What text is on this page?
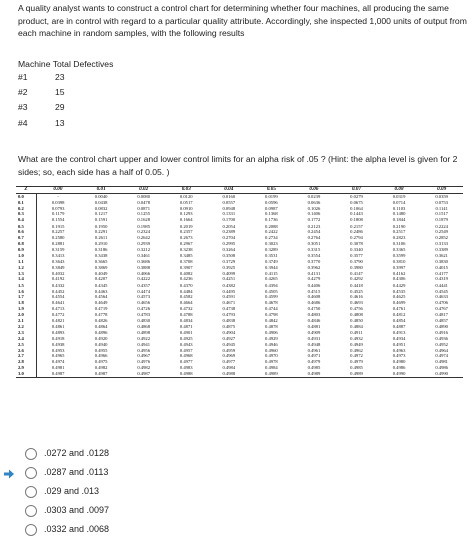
A quality analyst wants to construct a control chart for determining whether four machines, all producing the same product, are in control with regard to a particular quality attribute. Accordingly, she inspected 1,000 units of output from each machine in random samples, with the following results
Machine Total Defectives
#1	23
#2	15
#3	29
#4	13
What are the control chart upper and lower control limits for an alpha risk of .05 ? (Hint: the alpha level is given for 2 sides; so, each side has a half of 0.05. )
Z	0.00	0.01	0.02	0.03	0.04	0.05	0.06	0.07	0.08	0.09
0.0	-	0.0040	0.0080	0.0120	0.0160	0.0199	0.0239	0.0279	0.0319	0.0359
0.1	0.0398	0.0438	0.0478	0.0517	0.0557	0.0596	0.0636	0.0675	0.0714	0.0753
0.2	0.0793	0.0832	0.0871	0.0910	0.0948	0.0987	0.1026	0.1064	0.1103	0.1141
0.3	0.1179	0.1217	0.1255	0.1293	0.1331	0.1368	0.1406	0.1443	0.1480	0.1517
0.4	0.1554	0.1591	0.1628	0.1664	0.1700	0.1736	0.1772	0.1808	0.1844	0.1879
0.5	0.1915	0.1950	0.1985	0.2019	0.2054	0.2088	0.2123	0.2157	0.2190	0.2224
0.6	0.2257	0.2291	0.2324	0.2357	0.2389	0.2422	0.2454	0.2486	0.2517	0.2549
0.7	0.2580	0.2611	0.2642	0.2673	0.2704	0.2734	0.2764	0.2794	0.2823	0.2852
0.8	0.2881	0.2910	0.2939	0.2967	0.2995	0.3023	0.3051	0.3078	0.3106	0.3133
0.9	0.3159	0.3186	0.3212	0.3238	0.3264	0.3289	0.3315	0.3340	0.3365	0.3389
1.0	0.3413	0.3438	0.3461	0.3485	0.3508	0.3531	0.3554	0.3577	0.3599	0.3621
1.1	0.3643	0.3665	0.3686	0.3708	0.3729	0.3749	0.3770	0.3790	0.3810	0.3830
1.2	0.3849	0.3869	0.3888	0.3907	0.3925	0.3944	0.3962	0.3980	0.3997	0.4015
1.3	0.4032	0.4049	0.4066	0.4082	0.4099	0.4115	0.4131	0.4147	0.4162	0.4177
1.4	0.4192	0.4207	0.4222	0.4236	0.4251	0.4265	0.4279	0.4292	0.4306	0.4319
1.5	0.4332	0.4345	0.4357	0.4370	0.4382	0.4394	0.4406	0.4418	0.4429	0.4441
1.6	0.4452	0.4463	0.4474	0.4484	0.4495	0.4505	0.4515	0.4525	0.4535	0.4545
1.7	0.4554	0.4564	0.4573	0.4582	0.4591	0.4599	0.4608	0.4616	0.4625	0.4633
1.8	0.4641	0.4649	0.4656	0.4664	0.4671	0.4678	0.4686	0.4693	0.4699	0.4706
1.9	0.4713	0.4719	0.4726	0.4732	0.4738	0.4744	0.4750	0.4756	0.4761	0.4767
2.0	0.4772	0.4778	0.4783	0.4788	0.4793	0.4798	0.4803	0.4808	0.4812	0.4817
2.1	0.4821	0.4826	0.4830	0.4834	0.4838	0.4842	0.4846	0.4850	0.4854	0.4857
2.2	0.4861	0.4864	0.4868	0.4871	0.4875	0.4878	0.4881	0.4884	0.4887	0.4890
2.3	0.4893	0.4896	0.4898	0.4901	0.4904	0.4906	0.4909	0.4911	0.4913	0.4916
2.4	0.4918	0.4920	0.4922	0.4925	0.4927	0.4929	0.4931	0.4932	0.4934	0.4936
2.5	0.4938	0.4940	0.4941	0.4943	0.4945	0.4946	0.4948	0.4949	0.4951	0.4952
2.6	0.4953	0.4955	0.4956	0.4957	0.4959	0.4960	0.4961	0.4962	0.4963	0.4964
2.7	0.4965	0.4966	0.4967	0.4968	0.4969	0.4970	0.4971	0.4972	0.4973	0.4974
2.8	0.4974	0.4975	0.4976	0.4977	0.4977	0.4978	0.4979	0.4979	0.4980	0.4981
2.9	0.4981	0.4982	0.4982	0.4983	0.4984	0.4984	0.4985	0.4985	0.4986	0.4986
3.0	0.4987	0.4987	0.4987	0.4988	0.4988	0.4989	0.4989	0.4989	0.4990	0.4990
.0272 and .0128
.0287 and .0113
.029 and .013
.0303 and .0097
.0332 and .0068
